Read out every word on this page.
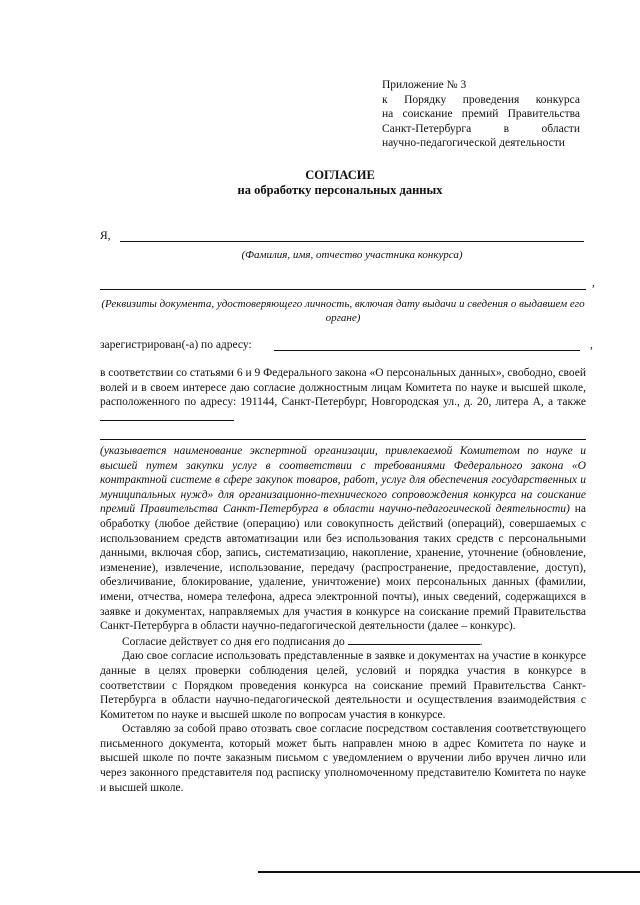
Приложение № 3
к Порядку проведения конкурса
на соискание премий Правительства
Санкт-Петербурга в области
научно-педагогической деятельности
СОГЛАСИЕ
на обработку персональных данных
Я,
(Фамилия, имя, отчество участника конкурса)
,
(Реквизиты документа, удостоверяющего личность, включая дату выдачи и сведения о выдавшем его органе)
зарегистрирован(-а) по адресу:	,

в соответствии со статьями 6 и 9 Федерального закона «О персональных данных», свободно, своей волей и в своем интересе даю согласие должностным лицам Комитета по науке и высшей школе, расположенного по адресу: 191144, Санкт-Петербург, Новгородская ул., д. 20, литера А, а также

(указывается наименование экспертной организации, привлекаемой Комитетом по науке и высшей путем закупки услуг в соответствии с требованиями Федерального закона «О контрактной системе в сфере закупок товаров, работ, услуг для обеспечения государственных и муниципальных нужд» для организационно-технического сопровождения конкурса на соискание премий Правительства Санкт-Петербурга в области научно-педагогической деятельности) на обработку (любое действие (операцию) или совокупность действий (операций), совершаемых с использованием средств автоматизации или без использования таких средств с персональными данными, включая сбор, запись, систематизацию, накопление, хранение, уточнение (обновление, изменение), извлечение, использование, передачу (распространение, предоставление, доступ), обезличивание, блокирование, удаление, уничтожение) моих персональных данных (фамилии, имени, отчества, номера телефона, адреса электронной почты), иных сведений, содержащихся в заявке и документах, направляемых для участия в конкурсе на соискание премий Правительства Санкт-Петербурга в области научно-педагогической деятельности (далее – конкурс).

Согласие действует со дня его подписания до	.

Даю свое согласие использовать представленные в заявке и документах на участие в конкурсе данные в целях проверки соблюдения целей, условий и порядка участия в конкурсе в соответствии с Порядком проведения конкурса на соискание премий Правительства Санкт-Петербурга в области научно-педагогической деятельности и осуществления взаимодействия с Комитетом по науке и высшей школе по вопросам участия в конкурсе.

Оставляю за собой право отозвать свое согласие посредством составления соответствующего письменного документа, который может быть направлен мною в адрес Комитета по науке и высшей школе по почте заказным письмом с уведомлением о вручении либо вручен лично или через законного представителя под расписку уполномоченному представителю Комитета по науке и высшей школе.
